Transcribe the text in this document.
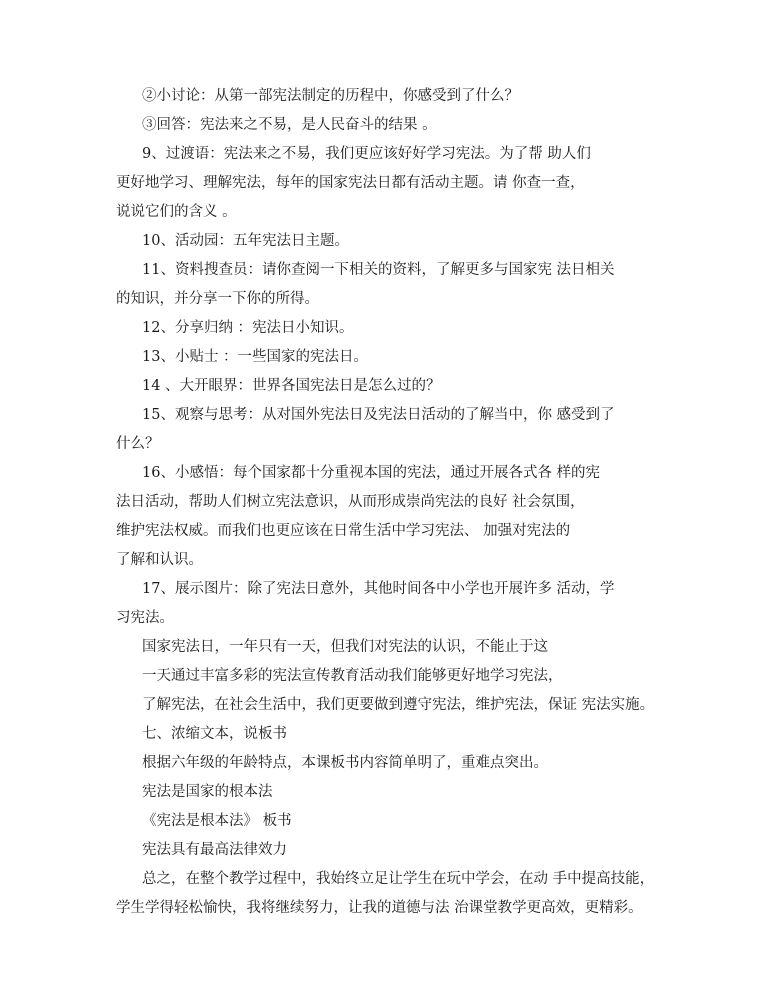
②小讨论：从第一部宪法制定的历程中，你感受到了什么？
③回答：宪法来之不易，是人民奋斗的结果 。
9、过渡语：宪法来之不易，我们更应该好好学习宪法。为了帮 助人们
更好地学习、理解宪法，每年的国家宪法日都有活动主题。请 你查一查，
说说它们的含义 。
10、活动园：五年宪法日主题。
11、资料搜查员：请你查阅一下相关的资料，了解更多与国家宪 法日相关
的知识，并分享一下你的所得。
12、分享归纳 ：宪法日小知识。
13、小贴士 ：一些国家的宪法日。
14 、大开眼界：世界各国宪法日是怎么过的？
15、观察与思考：从对国外宪法日及宪法日活动的了解当中，你 感受到了
什么？
16、小感悟：每个国家都十分重视本国的宪法，通过开展各式各 样的宪
法日活动，帮助人们树立宪法意识，从而形成崇尚宪法的良好 社会氛围，
维护宪法权威。而我们也更应该在日常生活中学习宪法、 加强对宪法的
了解和认识。
17、展示图片：除了宪法日意外，其他时间各中小学也开展许多 活动，学
习宪法。
国家宪法日，一年只有一天，但我们对宪法的认识，不能止于这
一天通过丰富多彩的宪法宣传教育活动我们能够更好地学习宪法，
了解宪法，在社会生活中，我们更要做到遵守宪法，维护宪法，保证 宪法实施。
七、浓缩文本，说板书
根据六年级的年龄特点，本课板书内容简单明了，重难点突出。
宪法是国家的根本法
《宪法是根本法》 板书
宪法具有最高法律效力
总之，在整个教学过程中，我始终立足让学生在玩中学会，在动 手中提高技能，
学生学得轻松愉快，我将继续努力，让我的道德与法 治课堂教学更高效，更精彩。
